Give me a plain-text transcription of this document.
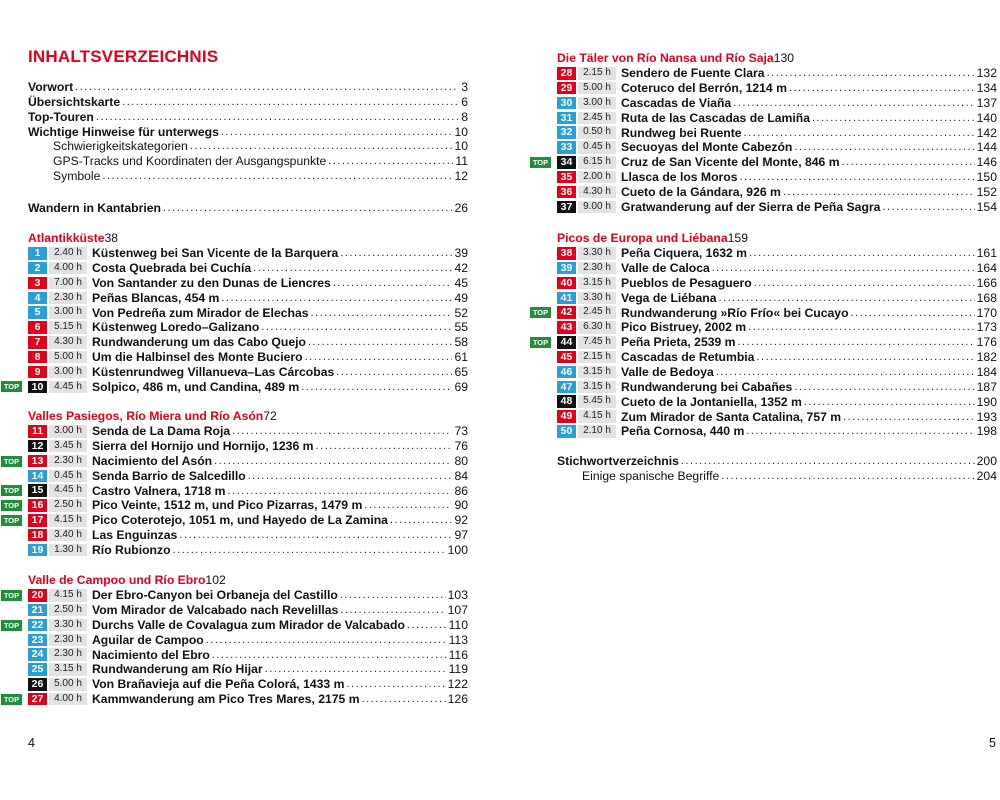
INHALTSVERZEICHNIS
Vorwort .....	3
Übersichtskarte .....	6
Top-Touren .....	8
Wichtige Hinweise für unterwegs .....	10
Schwierigkeitskategorien .....	10
GPS-Tracks und Koordinaten der Ausgangspunkte .....	11
Symbole .....	12
Wandern in Kantabrien .....	26
Atlantikküste 38
1	2.40 h Küstenweg bei San Vicente de la Barquera .....	39
2	4.00 h Costa Quebrada bei Cuchía .....	42
3	7.00 h Von Santander zu den Dunas de Liencres .....	45
4	2.30 h Peñas Blancas, 454 m .....	49
5	3.00 h Von Pedreña zum Mirador de Elechas .....	52
6	5.15 h Küstenweg Loredo–Galizano .....	55
7	4.30 h Rundwanderung um das Cabo Quejo .....	58
8	5.00 h Um die Halbinsel des Monte Buciero .....	61
9	3.00 h Küstenrundweg Villanueva–Las Cárcobas .....	65
TOP	10	4.45 h Solpico, 486 m, und Candina, 489 m .....	69
Valles Pasiegos, Río Miera und Río Asón 72
11	3.00 h Senda de La Dama Roja .....	73
12	3.45 h Sierra del Hornijo und Hornijo, 1236 m .....	76
TOP	13	2.30 h Nacimiento del Asón .....	80
14	0.45 h Senda Barrio de Salcedillo .....	84
TOP	15	4.45 h Castro Valnera, 1718 m .....	86
TOP	16	2.50 h Pico Veinte, 1512 m, und Pico Pizarras, 1479 m .....	90
TOP	17	4.15 h Pico Coterotejo, 1051 m, und Hayedo de La Zamina .....	92
18	3.40 h Las Enguinzas .....	97
19	1.30 h Río Rubionzo .....	100
Valle de Campoo und Río Ebro 102
TOP	20	4.15 h Der Ebro-Canyon bei Orbaneja del Castillo .....	103
21	2.50 h Vom Mirador de Valcabado nach Revelillas .....	107
TOP	22	3.30 h Durchs Valle de Covalagua zum Mirador de Valcabado .....	110
23	2.30 h Aguilar de Campoo .....	113
24	2.30 h Nacimiento del Ebro .....	116
25	3.15 h Rundwanderung am Río Hijar .....	119
26	5.00 h Von Brañavieja auf die Peña Colorá, 1433 m .....	122
TOP	27	4.00 h Kammwanderung am Pico Tres Mares, 2175 m .....	126
4
Die Täler von Río Nansa und Río Saja 130
28	2.15 h Sendero de Fuente Clara .....	132
29	5.00 h Coteruco del Berrón, 1214 m .....	134
30	3.00 h Cascadas de Viaña .....	137
31	2.45 h Ruta de las Cascadas de Lamiña .....	140
32	0.50 h Rundweg bei Ruente .....	142
33	0.45 h Secuoyas del Monte Cabezón .....	144
TOP	34	6.15 h Cruz de San Vicente del Monte, 846 m .....	146
35	2.00 h Llasca de los Moros .....	150
36	4.30 h Cueto de la Gándara, 926 m .....	152
37	9.00 h Gratwanderung auf der Sierra de Peña Sagra .....	154
Picos de Europa und Liébana 159
38	3.30 h Peña Ciquera, 1632 m .....	161
39	2.30 h Valle de Caloca .....	164
40	3.15 h Pueblos de Pesaguero .....	166
41	3.30 h Vega de Liébana .....	168
TOP	42	2.45 h Rundwanderung »Río Frío« bei Cucayo .....	170
43	6.30 h Pico Bistruey, 2002 m .....	173
TOP	44	7.45 h Peña Prieta, 2539 m .....	176
45	2.15 h Cascadas de Retumbia .....	182
46	3.15 h Valle de Bedoya .....	184
47	3.15 h Rundwanderung bei Cabañes .....	187
48	5.45 h Cueto de la Jontaniella, 1352 m .....	190
49	4.15 h Zum Mirador de Santa Catalina, 757 m .....	193
50	2.10 h Peña Cornosa, 440 m .....	198
Stichwortverzeichnis .....	200
Einige spanische Begriffe .....	204
5
